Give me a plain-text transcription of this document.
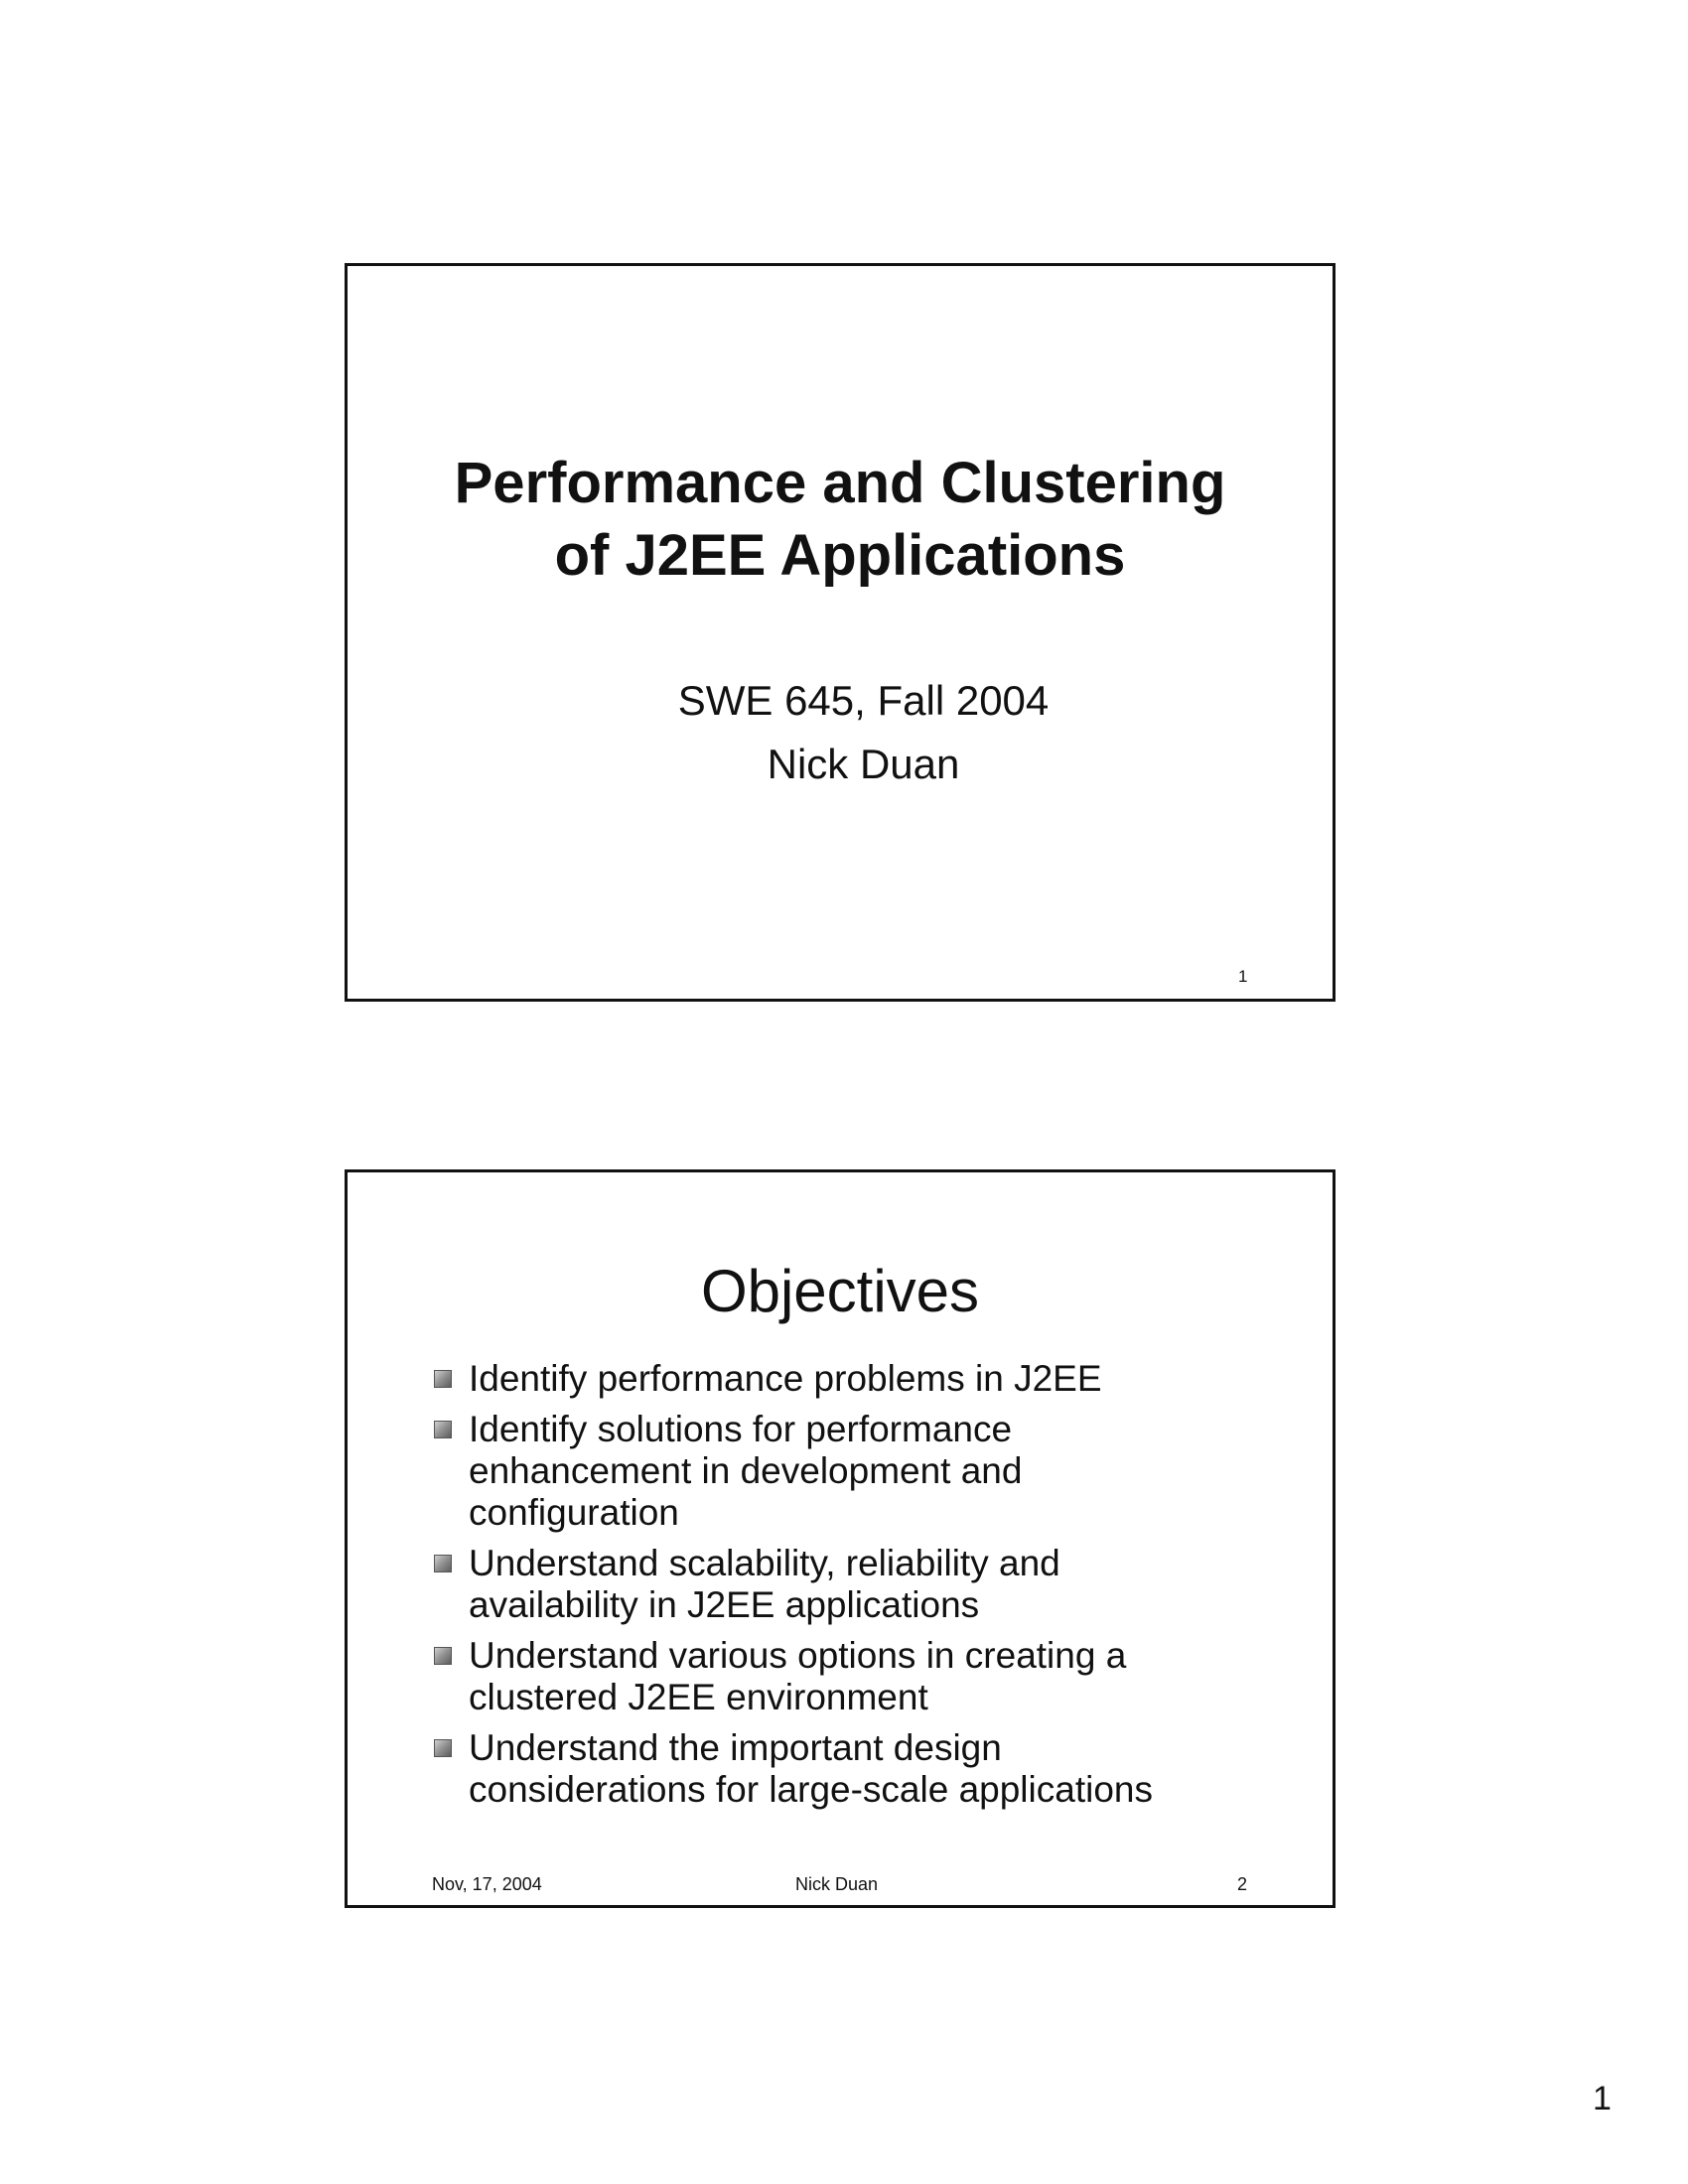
Performance and Clustering
of J2EE Applications
SWE 645, Fall 2004
Nick Duan
1
Objectives
Identify performance problems in J2EE
Identify solutions for performance
enhancement in development and
configuration
Understand scalability, reliability and
availability in J2EE applications
Understand various options in creating a
clustered J2EE environment
Understand the important design
considerations for large-scale applications
Nov, 17, 2004	Nick Duan	2
1
